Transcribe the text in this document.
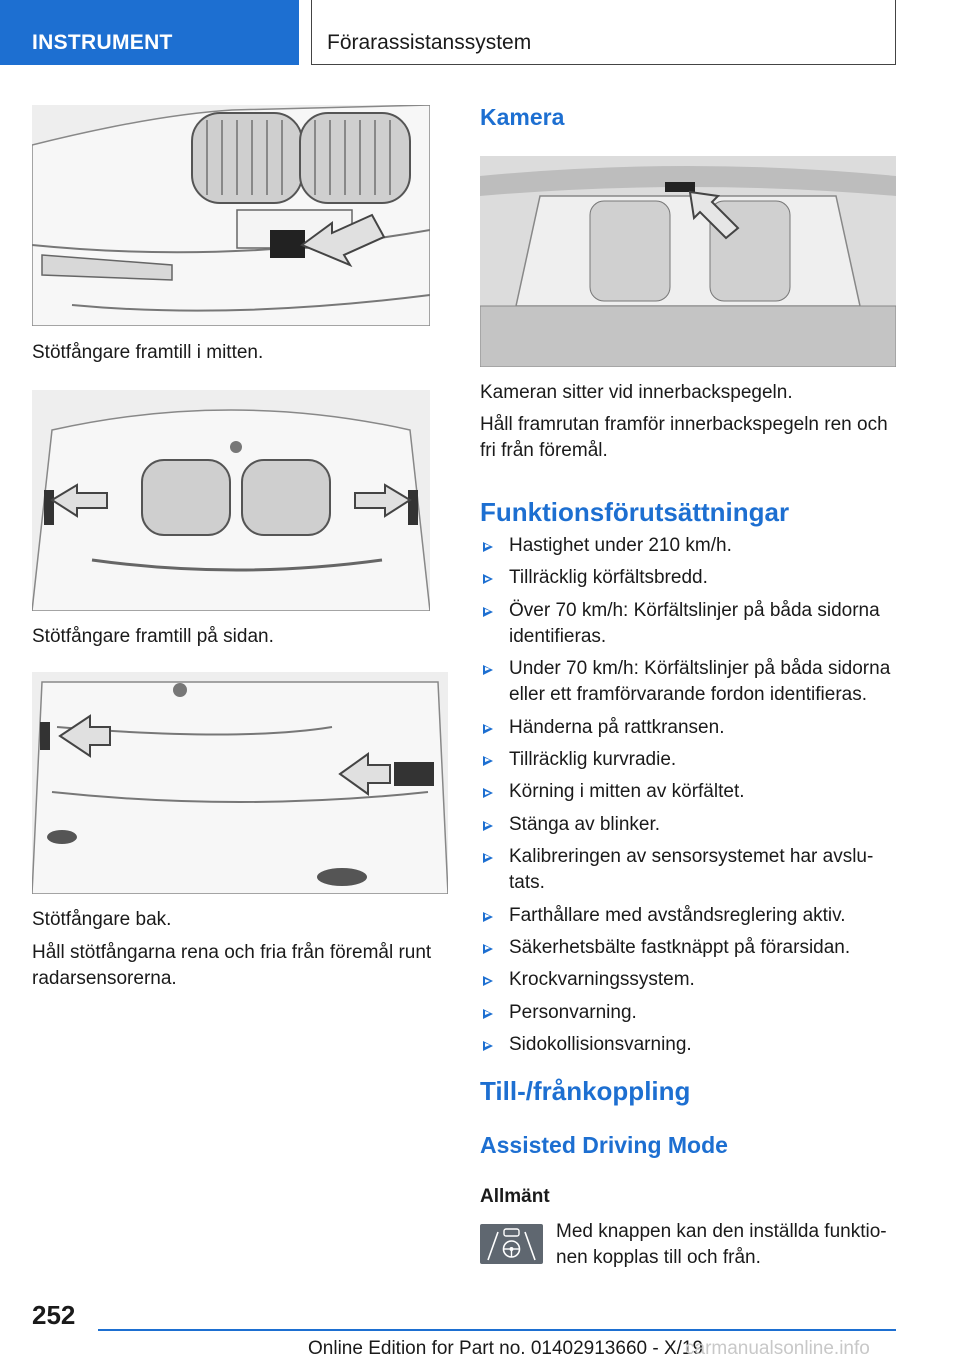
INSTRUMENT	Förarassistanssystem
Stötfångare framtill i mitten.
Stötfångare framtill på sidan.
Stötfångare bak.
Håll stötfångarna rena och fria från föremål runt radarsensorerna.
Kamera
Kameran sitter vid innerbackspegeln.
Håll framrutan framför innerbackspegeln ren och fri från föremål.
Funktionsförutsättningar
Hastighet under 210 km/h.
Tillräcklig körfältsbredd.
Över 70 km/h: Körfältslinjer på båda sidorna identifieras.
Under 70 km/h: Körfältslinjer på båda sidorna eller ett framförvarande fordon identifieras.
Händerna på rattkransen.
Tillräcklig kurvradie.
Körning i mitten av körfältet.
Stänga av blinker.
Kalibreringen av sensorsystemet har avslu-tats.
Farthållare med avståndsreglering aktiv.
Säkerhetsbälte fastknäppt på förarsidan.
Krockvarningssystem.
Personvarning.
Sidokollisionsvarning.
Till-/frånkoppling
Assisted Driving Mode
Allmänt
Med knappen kan den inställda funktio-nen kopplas till och från.
252
Online Edition for Part no. 01402913660 - X/19
carmanualsonline.info
